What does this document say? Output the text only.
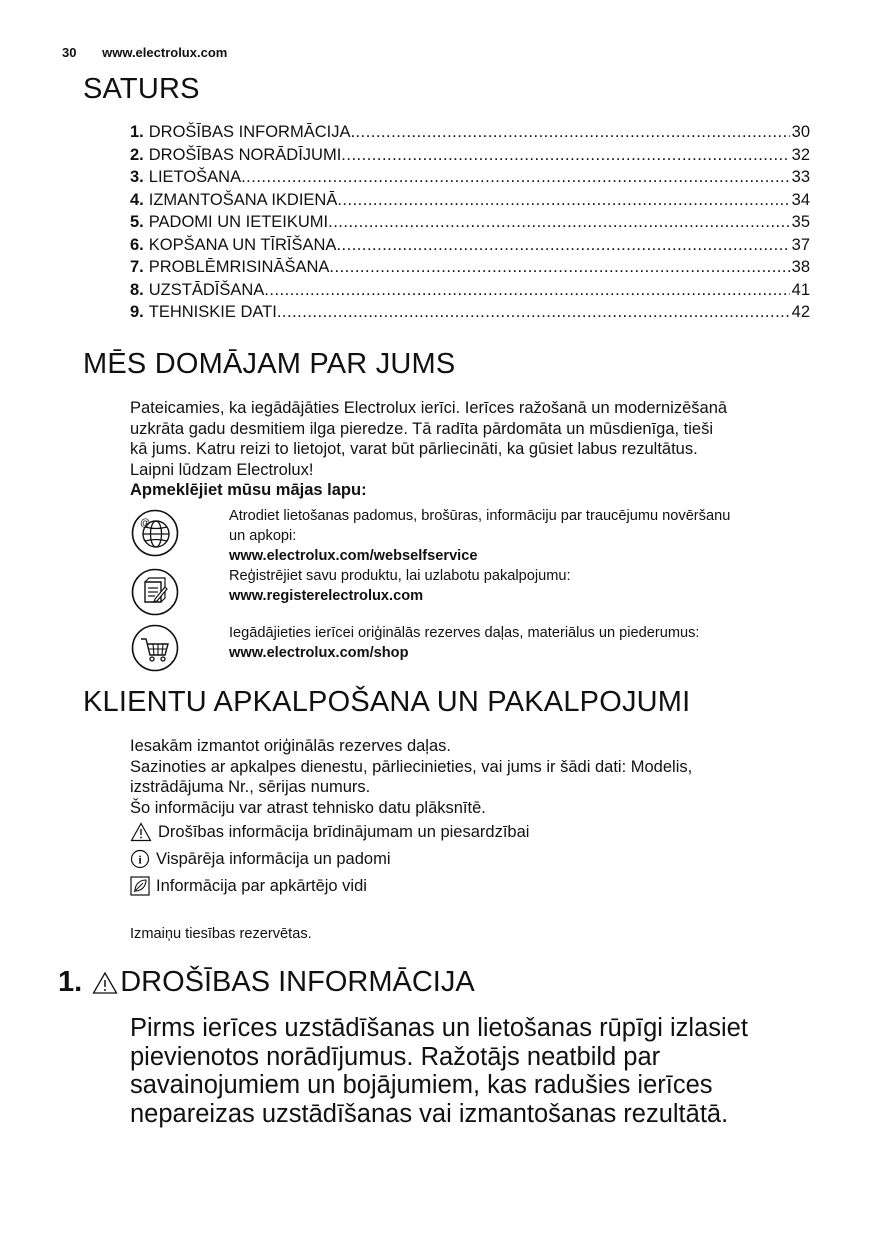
30 www.electrolux.com
SATURS
1. DROŠĪBAS INFORMĀCIJA .....	30
2. DROŠĪBAS NORĀDĪJUMI .....	32
3. LIETOŠANA .....	33
4. IZMANTOŠANA IKDIENĀ .....	34
5. PADOMI UN IETEIKUMI .....	35
6. KOPŠANA UN TĪRĪŠANA .....	37
7. PROBLĒMRISINĀŠANA .....	38
8. UZSTĀDĪŠANA .....	41
9. TEHNISKIE DATI .....	42
MĒS DOMĀJAM PAR JUMS
Pateicamies, ka iegādājāties Electrolux ierīci. Ierīces ražošanā un modernizēšanā
uzkrāta gadu desmitiem ilga pieredze. Tā radīta pārdomāta un mūsdienīga, tieši
kā jums. Katru reizi to lietojot, varat būt pārliecināti, ka gūsiet labus rezultātus.
Laipni lūdzam Electrolux!
Apmeklējiet mūsu mājas lapu:
@	Atrodiet lietošanas padomus, brošūras, informāciju par traucējumu novēršanu
un apkopi:
www.electrolux.com/webselfservice
Reģistrējiet savu produktu, lai uzlabotu pakalpojumu:
www.registerelectrolux.com
Iegādājieties ierīcei oriģinālās rezerves daļas, materiālus un piederumus:
www.electrolux.com/shop
KLIENTU APKALPOŠANA UN PAKALPOJUMI
Iesakām izmantot oriģinālās rezerves daļas.
Sazinoties ar apkalpes dienestu, pārliecinieties, vai jums ir šādi dati: Modelis,
izstrādājuma Nr., sērijas numurs.
Šo informāciju var atrast tehnisko datu plāksnītē.
Drošības informācija brīdinājumam un piesardzībai
i Vispārēja informācija un padomi
Informācija par apkārtējo vidi
Izmaiņu tiesības rezervētas.
1. DROŠĪBAS INFORMĀCIJA
Pirms ierīces uzstādīšanas un lietošanas rūpīgi izlasiet
pievienotos norādījumus. Ražotājs neatbild par
savainojumiem un bojājumiem, kas radušies ierīces
nepareizas uzstādīšanas vai izmantošanas rezultātā.
